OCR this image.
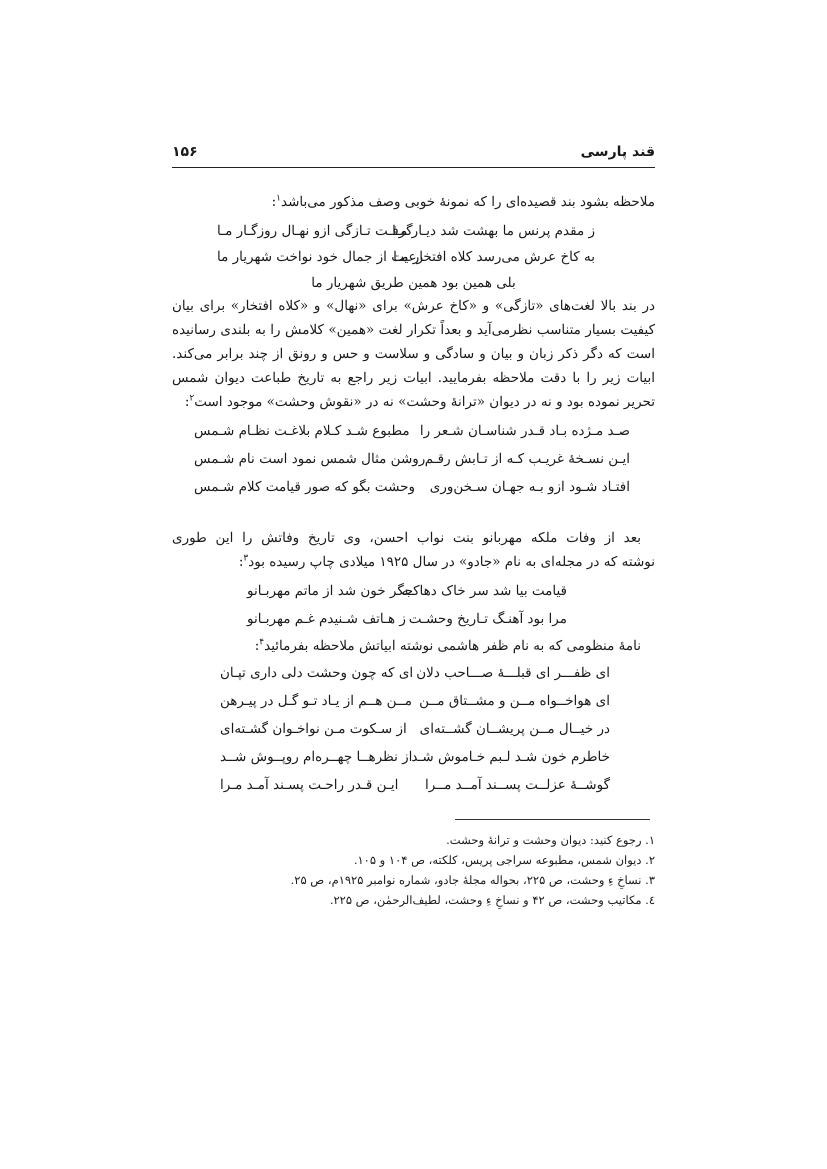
قند پارسی
۱۵۶
ملاحظه بشود بند قصیده‌ای را که نمونهٔ خوبی وصف مذکور می‌باشد$^۱$:
ز مقدم پرنس ما بهشت شد دیـار مـا
گرفـت تـازگی ازو نهـال روزگـار مـا
به کاخ عرش می‌رسد کلاه افتخار مـا
رعیت از جمال خود نواخت شهریار ما
بلی همین بود همین طریق شهریار ما
در بند بالا لغت‌های «تازگی» و «کاخ عرش» برای «نهال» و «کلاه افتخار» برای بیان
کیفیت بسیار متناسب نظرمی‌آید و بعداً تکرار لغت «همین» کلامش را به بلندی رسانیده
است که دگر ذکر زبان و بیان و سادگی و سلاست و حس و رونق از چند برابر می‌کند.
ابیات زیر را با دقت ملاحظه بفرمایید. ابیات زیر راجع به تاریخ طباعت دیوان شمس
تحریر نموده بود و نه در دیوان «ترانهٔ وحشت» نه در «نقوش وحشت» موجود است$^۲$:
صـد مـژده بـاد قـدر شناسـان شـعر را
مطبوع شـد کـلام بلاغـت نظـام شـمس
ایـن نسـخهٔ غریـب کـه از تـابش رقـم
روشن مثال شمس نمود است نام شـمس
افتـاد شـود ازو بـه جهـان سـخن‌وری
وحشت بگو که صور قیامت کلام شـمس
بعد از وفات ملکه مهربانو بنت نواب احسن، وی تاریخ وفاتش را این طوری
نوشته که در مجله‌ای به نام «جادو» در سال ۱۹۲۵ میلادی چاپ رسیده بود$^۳$:
قیامت بیا شد سر خاک دهاکـه
جگر خون شد از ماتم مهربـانو
مرا بود آهنـگ تـاریخ وحشـت
ز هـاتف شـنیدم غـم مهربـانو
نامهٔ منظومی که به نام ظفر هاشمی نوشته ابیاتش ملاحظه بفرمائید$^۴$:
ای ظفـــر ای قبلـــهٔ صـــاحب دلان
ای که چون وحشت دلی داری تپـان
ای هواخــواه مــن و مشــتاق مــن
مــن هــم از یـاد تـو گـل در پیـرهن
در خیــال مــن پریشــان گشــته‌ای
از سـکوت مـن نواخـوان گشـته‌ای
خاطرم خون شـد لـبم خـاموش شـد
از نظرهــا چهــره‌ام روپــوش شــد
گوشــهٔ عزلــت پســند آمــد مــرا
ایـن قـدر راحـت پسـند آمـد مـرا
۱. رجوع کنید: دیوان وحشت و ترانهٔ وحشت.
۲. دیوان شمس، مطبوعه سراجی پریس، کلکته، ص ۱۰۴ و ۱۰۵.
۳. نساخِ ءِ وحشت، ص ۲۲۵، بحواله مجلهٔ جادو، شماره نوامبر ۱۹۲۵م، ص ۲۵.
٤. مکاتیب وحشت، ص ۴۲ و نساخِ ءِ وحشت، لطیف‌الرحمٰن، ص ۲۲۵.
